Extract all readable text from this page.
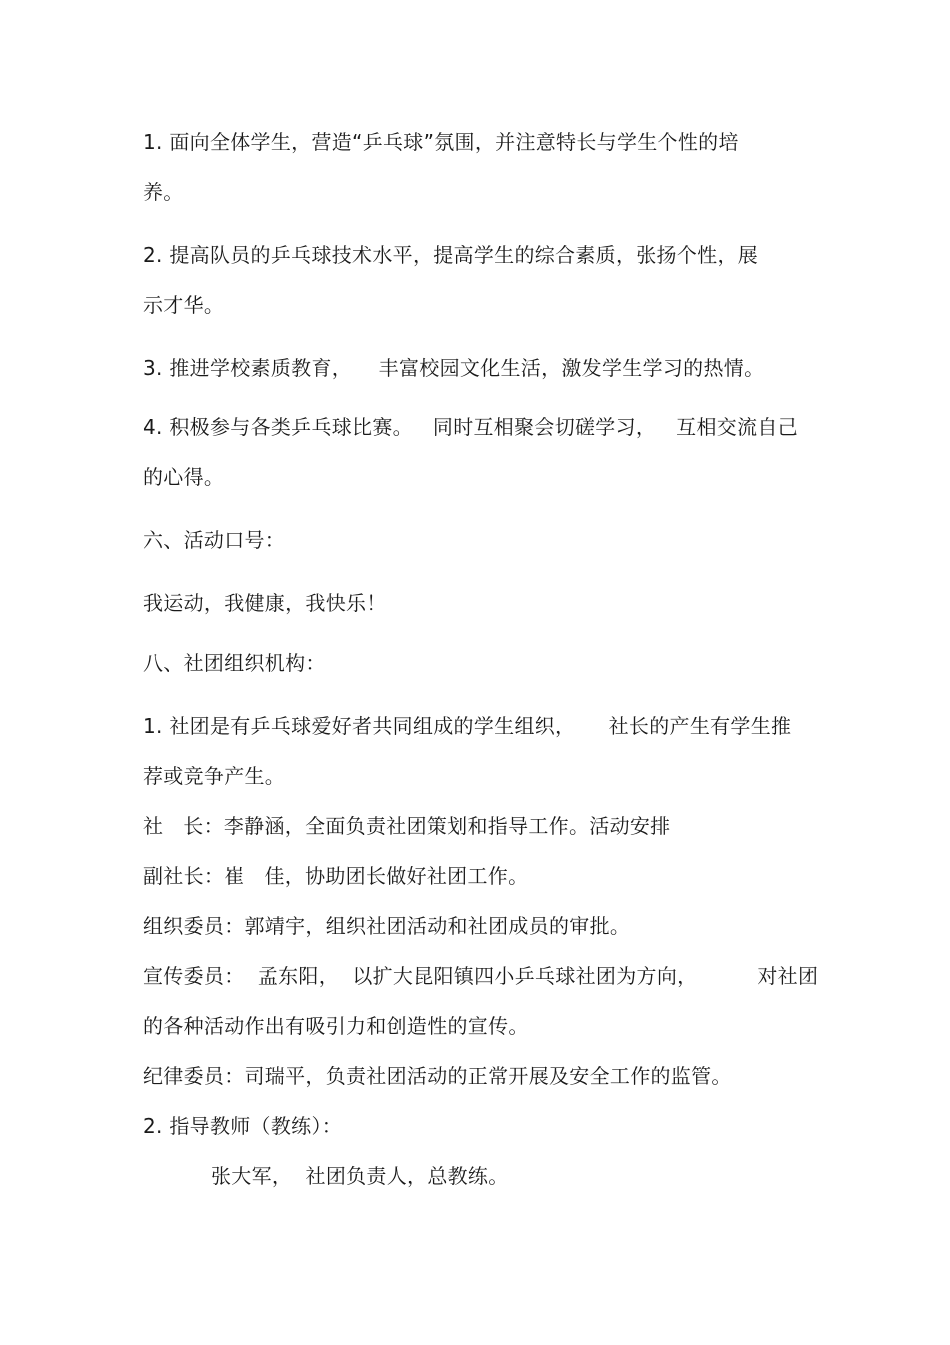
1. 面向全体学生，营造“乒乓球”氛围，并注意特长与学生个性的培
养。
2. 提高队员的乒乓球技术水平，提高学生的综合素质，张扬个性，展
示才华。
3. 推进学校素质教育，    丰富校园文化生活，激发学生学习的热情。
4. 积极参与各类乒乓球比赛。   同时互相聚会切磋学习，   互相交流自己
的心得。
六、活动口号：
我运动，我健康，我快乐！
八、社团组织机构：
1. 社团是有乒乓球爱好者共同组成的学生组织，     社长的产生有学生推
荐或竞争产生。
社   长：李静涵，全面负责社团策划和指导工作。活动安排
副社长：崔   佳，协助团长做好社团工作。
组织委员：郭靖宇，组织社团活动和社团成员的审批。
宣传委员：  孟东阳，  以扩大昆阳镇四小乒乓球社团为方向，         对社团
的各种活动作出有吸引力和创造性的宣传。
纪律委员：司瑞平，负责社团活动的正常开展及安全工作的监管。
2. 指导教师（教练）：
张大军，  社团负责人，总教练。
